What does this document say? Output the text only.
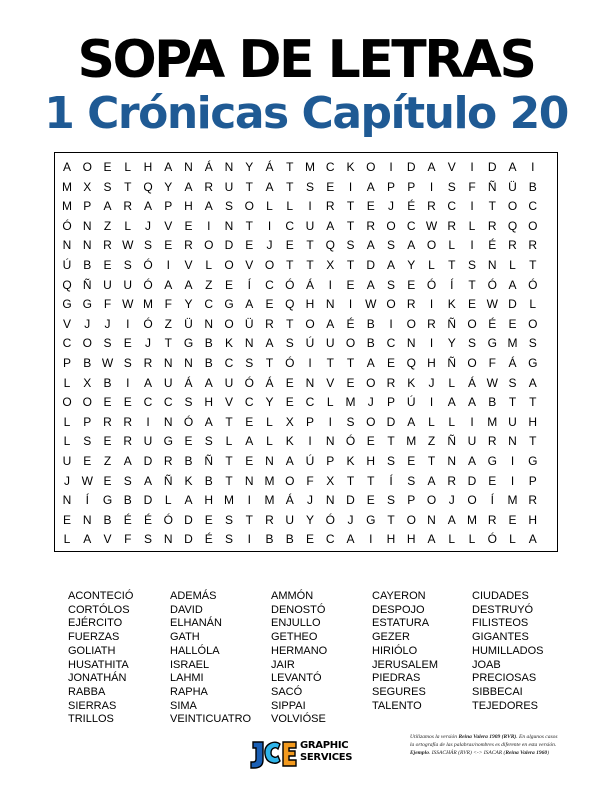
SOPA DE LETRAS
1 Crónicas Capítulo 20
A O E	L	H A N Á N Y	Á	T M C K O	I	D A	V	I	D A	I
M X	S	T Q Y	A R U	T	A	T	S	E	I	A	P	P	I	S	F	Ñ Ü B
M P	A R A	P H A	S O	L	L	I	R	T	E	J	É R C	I	T O C
Ó N	Z	L	J	V	E	I	N	T	I	C U A	T	R O C W R	L	R Q O
N N R W S	E R O D E	J	E	T Q S	A	S	A O	L	I	É R R
Ú B	E	S Ó	I	V	L	O V O T	T	X	T	D A	Y	L	T	S N	L	T
Q Ñ U U Ó A	A	Z	E	Í	C Ó Á	I	E	A	S	E Ó	Í	T Ó A Ó
G G F W M F	Y C G A	E Q H N	I	W O R	I	K	E W D	L
V	J	J	I	Ó Z	Ü N O Ü R	T O A	É	B	I	O R Ñ O É	E O
C O S	E	J	T G B	K N A	S Ú U O B C N	I	Y	S G M S
P	B W S R N N B C S	T Ó	I	T	T	A	E Q H Ñ O F	Á G
L	X	B	I	A U Á	A U Ó Á	E N V	E O R K	J	L	Á W S	A
O O E	E C C S H V C Y	E C	L M	J	P Ú	I	A	A	B	T	T
L	P R R	I	N Ó A	T	E	L	X	P	I	S O D A	L	L	I	M U H
L	S	E R U G E	S	L	A	L	K	I	N Ó E	T M Z	Ñ U R N	T
U E	Z	A D R B Ñ	T	E N A Ú P	K H S	E	T	N A G	I	G
J W E	S	A Ñ K	B	T	N M O F	X	T	T	Í	S	A R D E	I	P
N	Í	G B D	L	A H M	I	M Á	J	N D E	S	P O	J	O	Í	M R
E N B	É	É Ó D E	S	T	R U Y Ó	J	G T O N A M R E H
L	A	V	F	S N D É	S	I	B	B	E C A	I	H H A	L	L	Ó	L	A
ACONTECIÓ
CORTÓLOS
EJÉRCITO
FUERZAS
GOLIATH
HUSATHITA
JONATHÁN
RABBA
SIERRAS
TRILLOS
ADEMÁS
DAVID
ELHANÁN
GATH
HALLÓLA
ISRAEL
LAHMI
RAPHA
SIMA
VEINTICUATRO
AMMÓN
DENOSTÓ
ENJULLO
GETHEO
HERMANO
JAIR
LEVANTÓ
SACÓ
SIPPAI
VOLVIÓSE
CAYERON
DESPOJO
ESTATURA
GEZER
HIRIÓLO
JERUSALEM
PIEDRAS
SEGURES
TALENTO
CIUDADES
DESTRUYÓ
FILISTEOS
GIGANTES
HUMILLADOS
JOAB
PRECIOSAS
SIBBECAI
TEJEDORES
GRAPHIC
SERVICES
Utilizamos la versión Reina Valera 1909 (RVR). En algunos casos
la ortografía de las palabras/nombres es diferente en esta versión.
Ejemplo. ISSACHÁR (RVR) <-> ISACAR (Reina Valera 1960)
